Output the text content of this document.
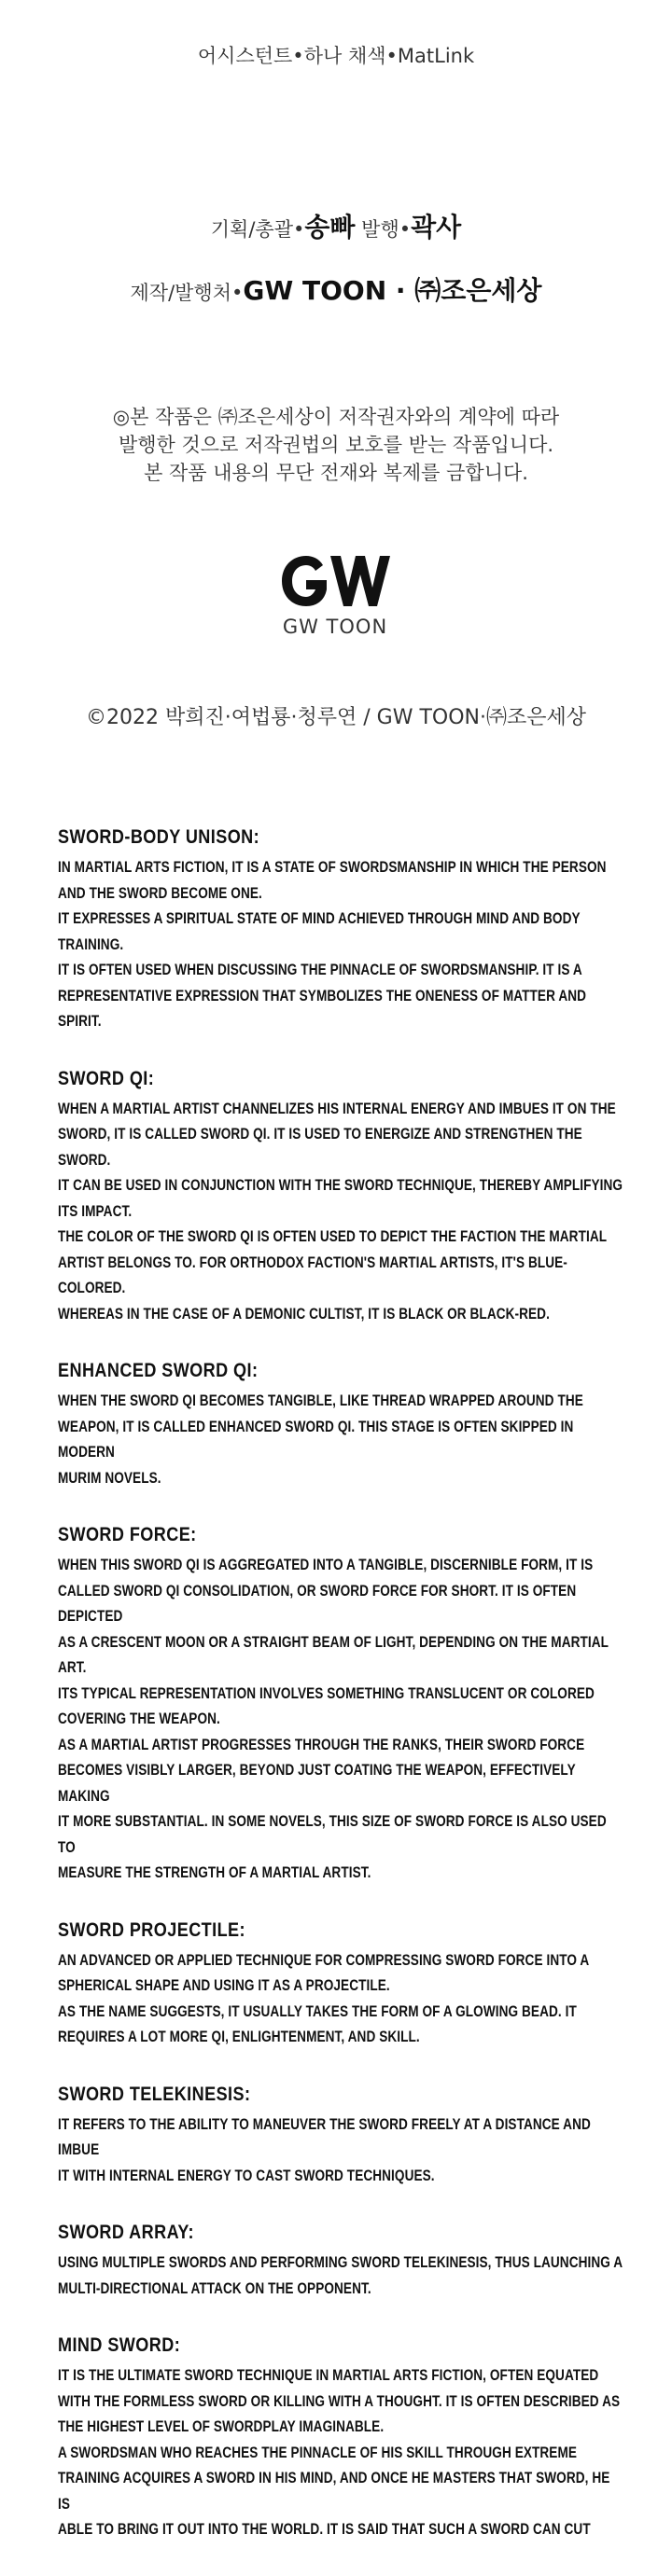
어시스턴트•하나 채색•MatLink
기획/총괄•송빠 발행•곽사
제작/발행처•GW TOON · ㈜조은세상
◎본 작품은 ㈜조은세상이 저작권자와의 계약에 따라
발행한 것으로 저작권법의 보호를 받는 작품입니다.
본 작품 내용의 무단 전재와 복제를 금합니다.
GW TOON
©2022 박희진·여법룡·청루연 / GW TOON·㈜조은세상
SWORD-BODY UNISON:
IN MARTIAL ARTS FICTION, IT IS A STATE OF SWORDSMANSHIP IN WHICH THE PERSON
AND THE SWORD BECOME ONE.
IT EXPRESSES A SPIRITUAL STATE OF MIND ACHIEVED THROUGH MIND AND BODY
TRAINING.
IT IS OFTEN USED WHEN DISCUSSING THE PINNACLE OF SWORDSMANSHIP. IT IS A
REPRESENTATIVE EXPRESSION THAT SYMBOLIZES THE ONENESS OF MATTER AND SPIRIT.
SWORD QI:
WHEN A MARTIAL ARTIST CHANNELIZES HIS INTERNAL ENERGY AND IMBUES IT ON THE
SWORD, IT IS CALLED SWORD QI. IT IS USED TO ENERGIZE AND STRENGTHEN THE SWORD.
IT CAN BE USED IN CONJUNCTION WITH THE SWORD TECHNIQUE, THEREBY AMPLIFYING
ITS IMPACT.
THE COLOR OF THE SWORD QI IS OFTEN USED TO DEPICT THE FACTION THE MARTIAL
ARTIST BELONGS TO. FOR ORTHODOX FACTION'S MARTIAL ARTISTS, IT'S BLUE-COLORED.
WHEREAS IN THE CASE OF A DEMONIC CULTIST, IT IS BLACK OR BLACK-RED.
ENHANCED SWORD QI:
WHEN THE SWORD QI BECOMES TANGIBLE, LIKE THREAD WRAPPED AROUND THE
WEAPON, IT IS CALLED ENHANCED SWORD QI. THIS STAGE IS OFTEN SKIPPED IN MODERN
MURIM NOVELS.
SWORD FORCE:
WHEN THIS SWORD QI IS AGGREGATED INTO A TANGIBLE, DISCERNIBLE FORM, IT IS
CALLED SWORD QI CONSOLIDATION, OR SWORD FORCE FOR SHORT. IT IS OFTEN DEPICTED
AS A CRESCENT MOON OR A STRAIGHT BEAM OF LIGHT, DEPENDING ON THE MARTIAL
ART.
ITS TYPICAL REPRESENTATION INVOLVES SOMETHING TRANSLUCENT OR COLORED
COVERING THE WEAPON.
AS A MARTIAL ARTIST PROGRESSES THROUGH THE RANKS, THEIR SWORD FORCE
BECOMES VISIBLY LARGER, BEYOND JUST COATING THE WEAPON, EFFECTIVELY MAKING
IT MORE SUBSTANTIAL. IN SOME NOVELS, THIS SIZE OF SWORD FORCE IS ALSO USED TO
MEASURE THE STRENGTH OF A MARTIAL ARTIST.
SWORD PROJECTILE:
AN ADVANCED OR APPLIED TECHNIQUE FOR COMPRESSING SWORD FORCE INTO A
SPHERICAL SHAPE AND USING IT AS A PROJECTILE.
AS THE NAME SUGGESTS, IT USUALLY TAKES THE FORM OF A GLOWING BEAD. IT
REQUIRES A LOT MORE QI, ENLIGHTENMENT, AND SKILL.
SWORD TELEKINESIS:
IT REFERS TO THE ABILITY TO MANEUVER THE SWORD FREELY AT A DISTANCE AND IMBUE
IT WITH INTERNAL ENERGY TO CAST SWORD TECHNIQUES.
SWORD ARRAY:
USING MULTIPLE SWORDS AND PERFORMING SWORD TELEKINESIS, THUS LAUNCHING A
MULTI-DIRECTIONAL ATTACK ON THE OPPONENT.
MIND SWORD:
IT IS THE ULTIMATE SWORD TECHNIQUE IN MARTIAL ARTS FICTION, OFTEN EQUATED
WITH THE FORMLESS SWORD OR KILLING WITH A THOUGHT. IT IS OFTEN DESCRIBED AS
THE HIGHEST LEVEL OF SWORDPLAY IMAGINABLE.
A SWORDSMAN WHO REACHES THE PINNACLE OF HIS SKILL THROUGH EXTREME
TRAINING ACQUIRES A SWORD IN HIS MIND, AND ONCE HE MASTERS THAT SWORD, HE IS
ABLE TO BRING IT OUT INTO THE WORLD. IT IS SAID THAT SUCH A SWORD CAN CUT
